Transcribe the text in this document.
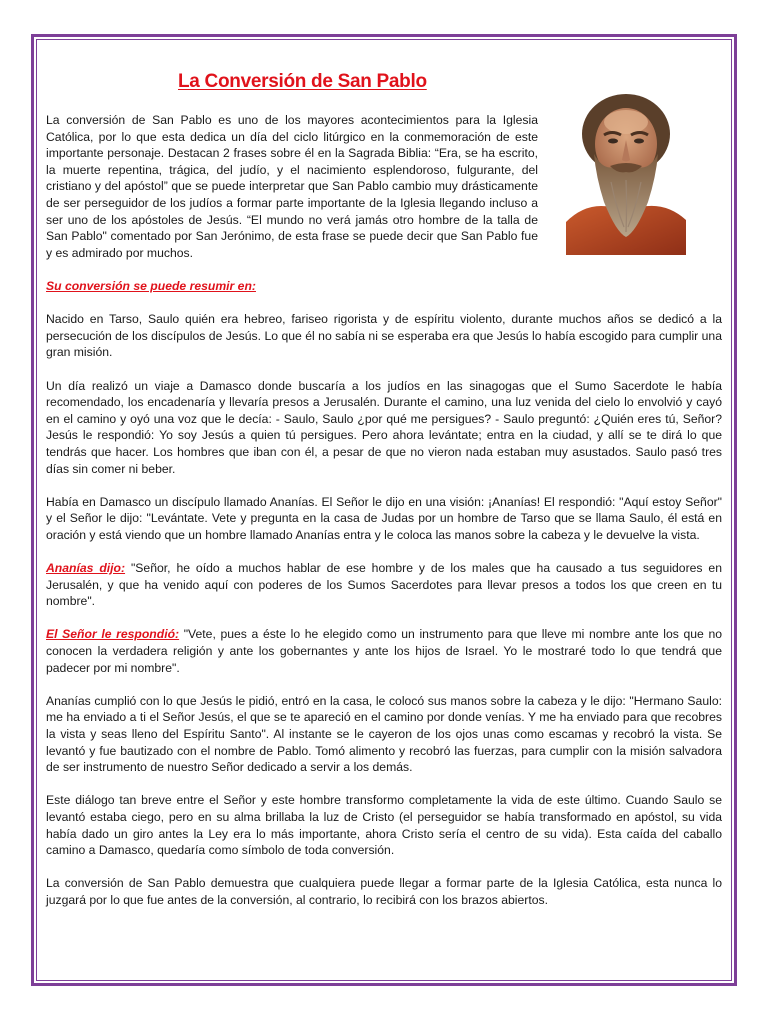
La Conversión de San Pablo

La conversión de San Pablo es uno de los mayores acontecimientos para la Iglesia Católica, por lo que esta dedica un día del ciclo litúrgico en la conmemoración de este importante personaje. Destacan 2 frases sobre él en la Sagrada Biblia: “Era, se ha escrito, la muerte repentina, trágica, del judío, y el nacimiento esplendoroso, fulgurante, del cristiano y del apóstol” que se puede interpretar que San Pablo cambio muy drásticamente de ser perseguidor de los judíos a formar parte importante de la Iglesia llegando incluso a ser uno de los apóstoles de Jesús. “El mundo no verá jamás otro hombre de la talla de San Pablo" comentado por San Jerónimo, de esta frase se puede decir que San Pablo fue y es admirado por muchos.

Su conversión se puede resumir en:

Nacido en Tarso, Saulo quién era hebreo, fariseo rigorista y de espíritu violento, durante muchos años se dedicó a la persecución de los discípulos de Jesús. Lo que él no sabía ni se esperaba era que Jesús lo había escogido para cumplir una gran misión.

Un día realizó un viaje a Damasco donde buscaría a los judíos en las sinagogas que el Sumo Sacerdote le había recomendado, los encadenaría y llevaría presos a Jerusalén. Durante el camino, una luz venida del cielo lo envolvió y cayó en el camino y oyó una voz que le decía: - Saulo, Saulo ¿por qué me persigues? - Saulo preguntó: ¿Quién eres tú, Señor? Jesús le respondió: Yo soy Jesús a quien tú persigues. Pero ahora levántate; entra en la ciudad, y allí se te dirá lo que tendrás que hacer. Los hombres que iban con él, a pesar de que no vieron nada estaban muy asustados. Saulo pasó tres días sin comer ni beber.

Había en Damasco un discípulo llamado Ananías. El Señor le dijo en una visión: ¡Ananías! El respondió: "Aquí estoy Señor" y el Señor le dijo: "Levántate. Vete y pregunta en la casa de Judas por un hombre de Tarso que se llama Saulo, él está en oración y está viendo que un hombre llamado Ananías entra y le coloca las manos sobre la cabeza y le devuelve la vista.

Ananías dijo: "Señor, he oído a muchos hablar de ese hombre y de los males que ha causado a tus seguidores en Jerusalén, y que ha venido aquí con poderes de los Sumos Sacerdotes para llevar presos a todos los que creen en tu nombre".

El Señor le respondió: "Vete, pues a éste lo he elegido como un instrumento para que lleve mi nombre ante los que no conocen la verdadera religión y ante los gobernantes y ante los hijos de Israel. Yo le mostraré todo lo que tendrá que padecer por mi nombre".

Ananías cumplió con lo que Jesús le pidió, entró en la casa, le colocó sus manos sobre la cabeza y le dijo: "Hermano Saulo: me ha enviado a ti el Señor Jesús, el que se te apareció en el camino por donde venías. Y me ha enviado para que recobres la vista y seas lleno del Espíritu Santo". Al instante se le cayeron de los ojos unas como escamas y recobró la vista. Se levantó y fue bautizado con el nombre de Pablo. Tomó alimento y recobró las fuerzas, para cumplir con la misión salvadora de ser instrumento de nuestro Señor dedicado a servir a los demás.

Este diálogo tan breve entre el Señor y este hombre transformo completamente la vida de este último. Cuando Saulo se levantó estaba ciego, pero en su alma brillaba la luz de Cristo (el perseguidor se había transformado en apóstol, su vida había dado un giro antes la Ley era lo más importante, ahora Cristo sería el centro de su vida). Esta caída del caballo camino a Damasco, quedaría como símbolo de toda conversión.

La conversión de San Pablo demuestra que cualquiera puede llegar a formar parte de la Iglesia Católica, esta nunca lo juzgará por lo que fue antes de la conversión, al contrario, lo recibirá con los brazos abiertos.
